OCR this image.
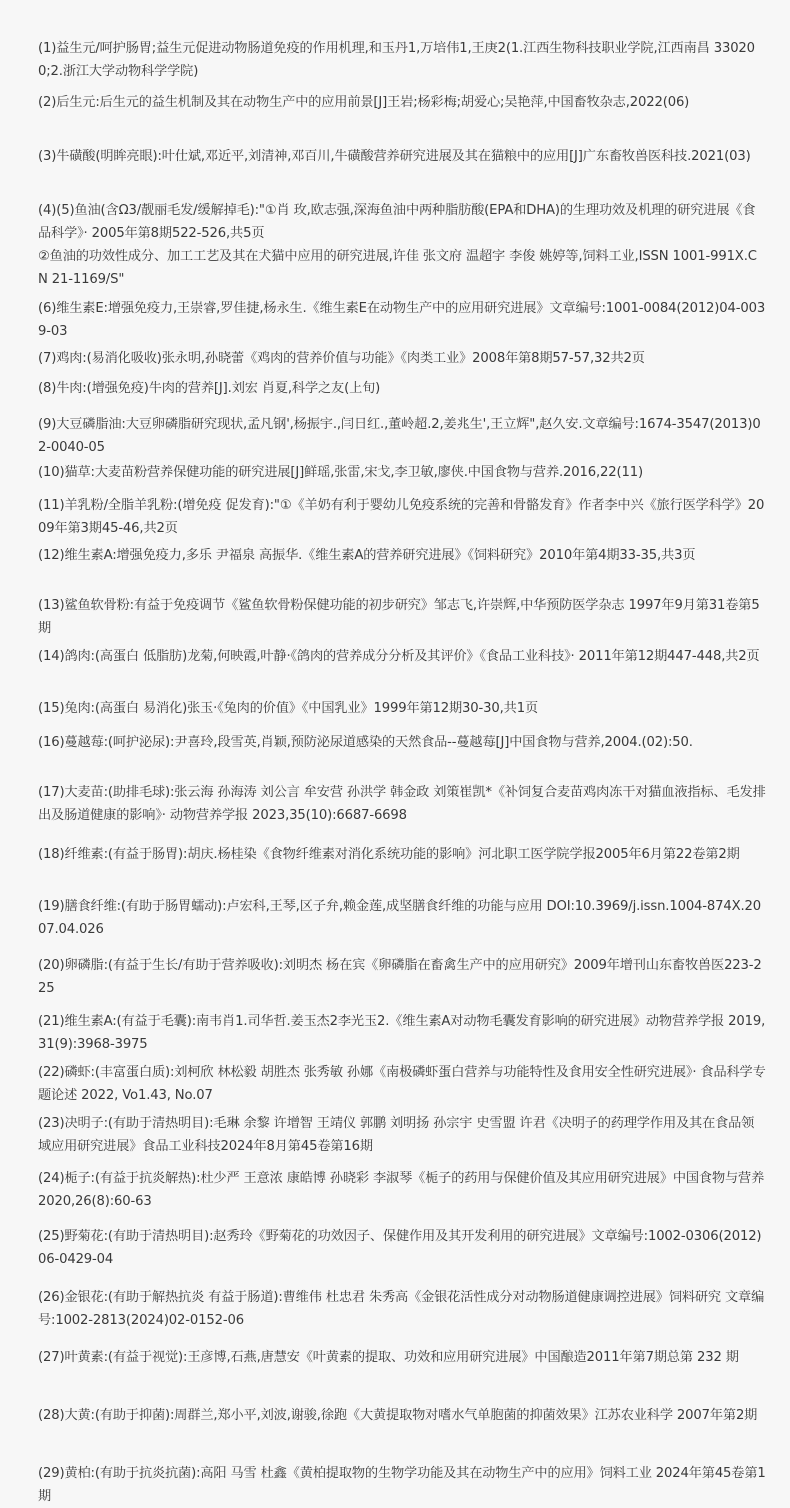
(1)益生元/呵护肠胃;益生元促进动物肠道免疫的作用机理,和玉丹1,万培伟1,王庚2(1.江西生物科技职业学院,江西南昌 330200;2.浙江大学动物科学学院)
(2)后生元:后生元的益生机制及其在动物生产中的应用前景[J]王岩;杨彩梅;胡爱心;吴艳萍,中国畜牧杂志,2022(06)
(3)牛磺酸(明眸亮眼):叶仕斌,邓近平,刘清神,邓百川,牛磺酸营养研究进展及其在猫粮中的应用[J]广东畜牧兽医科技.2021(03)
(4)(5)鱼油(含Ω3/靓丽毛发/缓解掉毛):"①肖 玫,欧志强,深海鱼油中两种脂肪酸(EPA和DHA)的生理功效及机理的研究进展《食品科学》· 2005年第8期522-526,共5页
②鱼油的功效性成分、加工工艺及其在犬猫中应用的研究进展,许佳 张文府 温超字 李俊 姚婷等,饲料工业,ISSN 1001-991X.CN 21-1169/S"
(6)维生素E:增强免疫力,王崇睿,罗佳捷,杨永生.《维生素E在动物生产中的应用研究进展》文章编号:1001-0084(2012)04-0039-03
(7)鸡肉:(易消化吸收)张永明,孙晓蕾《鸡肉的营养价值与功能》《肉类工业》2008年第8期57-57,32共2页
(8)牛肉:(增强免疫)牛肉的营养[J].刘宏 肖夏,科学之友(上旬)
(9)大豆磷脂油:大豆卵磷脂研究现状,孟凡钢',杨振宇.,闫日红.,董岭超.2,姜兆生',王立辉",赵久安.文章编号:1674-3547(2013)02-0040-05
(10)猫草:大麦苗粉营养保健功能的研究进展[J]鲜瑶,张雷,宋戈,李卫敏,廖侠.中国食物与营养.2016,22(11)
(11)羊乳粉/全脂羊乳粉:(增免疫 促发育):"①《羊奶有利于婴幼儿免疫系统的完善和骨骼发育》作者李中兴《旅行医学科学》2009年第3期45-46,共2页
(12)维生素A:增强免疫力,多乐 尹福泉 高振华.《维生素A的营养研究进展》《饲料研究》2010年第4期33-35,共3页
(13)鲨鱼软骨粉:有益于免疫调节《鲨鱼软骨粉保健功能的初步研究》邹志飞,许崇辉,中华预防医学杂志 1997年9月第31卷第5期
(14)鸽肉:(高蛋白 低脂肪)龙菊,何映霞,叶静·《鸽肉的营养成分分析及其评价》《食品工业科技》· 2011年第12期447-448,共2页
(15)兔肉:(高蛋白 易消化)张玉·《兔肉的价值》《中国乳业》1999年第12期30-30,共1页
(16)蔓越莓:(呵护泌尿):尹喜玲,段雪英,肖颖,预防泌尿道感染的天然食品--蔓越莓[J]中国食物与营养,2004.(02):50.
(17)大麦苗:(助排毛球):张云海 孙海涛 刘公言 牟安营 孙洪学 韩金政 刘策崔凯*《补饲复合麦苗鸡肉冻干对猫血液指标、毛发排出及肠道健康的影响》· 动物营养学报 2023,35(10):6687-6698
(18)纤维素:(有益于肠胃):胡庆.杨桂染《食物纤维素对消化系统功能的影响》河北职工医学院学报2005年6月第22卷第2期
(19)膳食纤维:(有助于肠胃蠕动):卢宏科,王琴,区子弁,赖金莲,成坚膳食纤维的功能与应用 DOI:10.3969/j.issn.1004-874X.2007.04.026
(20)卵磷脂:(有益于生长/有助于营养吸收):刘明杰 杨在宾《卵磷脂在畜禽生产中的应用研究》2009年增刊山东畜牧兽医223-225
(21)维生素A:(有益于毛囊):南韦肖1.司华哲.姜玉杰2李光玉2.《维生素A对动物毛囊发育影响的研究进展》动物营养学报 2019,31(9):3968-3975
(22)磷虾:(丰富蛋白质):刘柯欣 林松毅 胡胜杰 张秀敏 孙娜《南极磷虾蛋白营养与功能特性及食用安全性研究进展》· 食品科学专题论述 2022, Vo1.43, No.07
(23)决明子:(有助于清热明目):毛琳 余黎 许增智 王靖仪 郭鹏 刘明扬 孙宗宇 史雪盟 许君《决明子的药理学作用及其在食品领域应用研究进展》食品工业科技2024年8月第45卷第16期
(24)栀子:(有益于抗炎解热):杜少严 王意浓 康皓博 孙晓彩 李淑琴《栀子的药用与保健价值及其应用研究进展》中国食物与营养2020,26(8):60-63
(25)野菊花:(有助于清热明目):赵秀玲《野菊花的功效因子、保健作用及其开发利用的研究进展》文章编号:1002-0306(2012)06-0429-04
(26)金银花:(有助于解热抗炎 有益于肠道):曹维伟 杜忠君 朱秀高《金银花活性成分对动物肠道健康调控进展》饲料研究 文章编号:1002-2813(2024)02-0152-06
(27)叶黄素:(有益于视觉):王彦博,石燕,唐慧安《叶黄素的提取、功效和应用研究进展》中国酿造2011年第7期总第 232 期
(28)大黄:(有助于抑菌):周群兰,郑小平,刘波,谢骏,徐跑《大黄提取物对嗜水气单胞菌的抑菌效果》江苏农业科学 2007年第2期
(29)黄柏:(有助于抗炎抗菌):高阳 马雪 杜鑫《黄柏提取物的生物学功能及其在动物生产中的应用》饲料工业 2024年第45卷第1期
